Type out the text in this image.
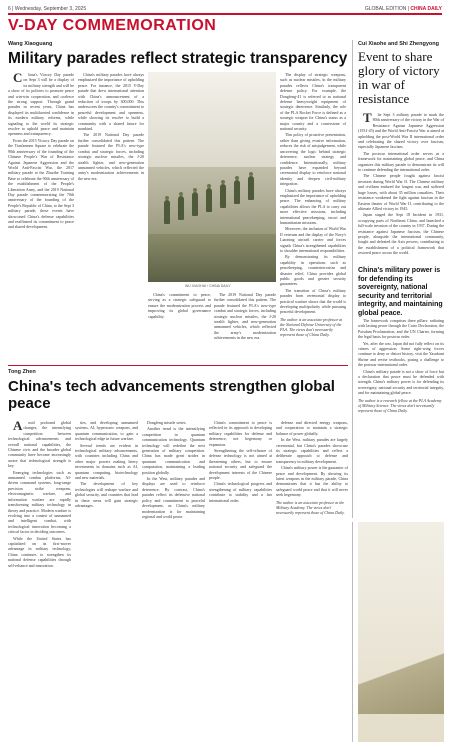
6 | Wednesday, September 3, 2025	GLOBAL EDITION | CHINA DAILY
V-DAY COMMEMORATION
Wang Xiaoguang
Military parades reflect strategic transparency

China's Victory Day parade on Sept 3 will be a display of its military strength and will be a show of its policies to promote peace and win-win cooperation, and coalesce the strong support. Through grand parades in recent years, China has displayed its multifaceted confidence in its modern military reforms, while signaling to the world its strategic resolve to uphold peace and maintain openness and transparency.

From the 2015 Victory Day parade on the Tian'anmen Square to celebrate the 90th anniversary of the founding of the Chinese People's War of Resistance Against Japanese Aggression and the World Anti-Fascist War, the 2017 military parade at the Zhurihe Training Base to celebrate the 90th anniversary of the establishment of the People's Liberation Army, and the 2019 National Day parade commemorating the 70th anniversary of the founding of the People's Republic of China, to the Sept 3 military parade, these events have showcased China's defense capabilities and reaffirmed its commitment to peace and shared development.

China's military parades have always emphasized the importance of upholding peace. For instance, the 2015 V-Day parade that drew international attention with China's announcement of a reduction of troops by 300,000. This underscores the country's commitment to peaceful development and openness, while showing its resolve to build a community with a shared future for mankind.

The 2019 National Day parade further consolidated this pattern. The parade featured the PLA's new-type combat and strategic forces, including strategic nuclear missiles, the J-20 stealth fighter, and new-generation unmanned vehicles, which reflected the army's modernization achievements in the new era.

WU XIAOHUI / CHINA DAILY

China's commitment to peace, serving as a strategic safeguard to ensure the modernization process and improving its global governance capability.

The display of strategic weapons, such as nuclear missiles, in the military parades reflects China's transparent defense policy. For example, the Dongfeng-41 is referred to as national defense heavyweight equipment of strategic deterrence. Similarly, the role of the PLA Rocket Force is defined as a strategic weapon for China's status as a major country and a cornerstone of national security.

This policy of proactive presentation, rather than giving evasive information, reduces the risk of misjudgement, while uncovering the logic behind strategic deterrence, nuclear strategy and confidence. Internationally, military parades have expanded beyond ceremonial display to reinforce national identity and deepen civil-military integration.

China's military parades have always emphasized the importance of upholding peace. The enhancing of military capabilities allows the PLA to carry out more effective missions, including international peacekeeping, escort and humanitarian missions.

Moreover, the inclusion of World War II veterans and the display of the Navy's Liaoning aircraft carrier and forces signals China's strengthened capabilities to shoulder international responsibilities.

By demonstrating its military capability in operations such as peacekeeping, counterterrorism and disaster relief, China provides global public goods and greater security guarantees.

The transition of China's military parades from ceremonial display to practical warfare shows that the world is developing multipolarity while pursuing peaceful development.

The author is an associate professor at the National Defense University of the PLA. The views don't necessarily represent those of China Daily.

The 2019 National Day parade further consolidated this pattern. The parade featured the PLA's new-type combat and strategic forces, including strategic nuclear missiles, the J-20 stealth fighter, and new-generation unmanned vehicles, which reflected the army's modernization achievements in the new era.

Cui Xiaohe and Shi Zhengyong
Event to share glory of victory in war of resistance

The Sept 3 military parade to mark the 80th anniversary of the victory in the War of Resistance Against Japanese Aggression (1931-45) and the World Anti-Fascist War is aimed at upholding the post-World War II international order and celebrating the shared victory over fascism, especially Japanese fascism.

The postwar international order serves as a framework for maintaining global peace, and China organizes this military parade to demonstrate its will to continue defending the international order.

The Chinese people fought against fascist invasion during World War II. The Chinese military and civilians endured the longest war, and suffered huge losses, with about 35 million casualties. Their resistance weakened the fight against fascism in the Eastern theater of World War II, contributing to the ultimate Allied victory in 1945.

Japan staged the Sept 18 Incident in 1931, occupying parts of Northeast China, and launched a full-scale invasion of the country in 1937. During the resistance against Japanese fascism, the Chinese people, alongside the international community, fought and defeated the Axis powers, contributing to the establishment of a political framework that restored peace across the world.

China's military power is for defending its sovereignty, national security and territorial integrity, and maintaining global peace.

The framework comprises three pillars: radiating with lasting peace through the Cairo Declaration, the Potsdam Proclamation, and the UN Charter, forming the legal basis for postwar order.

Yet, after the war, Japan did not fully reflect on its crimes of aggression. Some right-wing forces continue to deny or distort history, visit the Yasukuni Shrine and revise textbooks, posing a challenge to the postwar international order.

China's military parade is not a show of force but a declaration that peace must be defended with strength. China's military power is for defending its sovereignty, national security and territorial integrity, and for maintaining global peace.

The author is a research fellow at the PLA Academy of Military Science. The views don't necessarily represent those of China Daily.
Tong Zhen
China's tech advancements strengthen global peace

Amid profound global changes, the intensifying competition between technological advancements and overall national capabilities, the Chinese civic and the broader global community have become increasingly aware that technological strength is key.

Emerging technologies such as unmanned combat platforms, AI-driven command systems, long-range precision strike weapons, electromagnetic warfare, and information warfare are rapidly transforming military technology in theory and practice. Modern warfare is evolving into a contest of unmanned and intelligent combat, with technological innovation becoming a critical factor in deciding outcomes.

While the United States has capitalized on its first-mover advantage in military technology, China continues to strengthen its national defense capabilities through self-reliance and innovation.

ties, and developing unmanned systems, AI, hypersonic weapons, and quantum communication, to gain a technological edge in future warfare.

Several trends are evident in technological military advancements, with countries including China and other major powers making heavy investments in domains such as AI, quantum computing, biotechnology and new materials.

The development of key technologies will reshape warfare and global security, and countries that lead in these areas will gain strategic advantages.

Dongfeng missile series.

Another trend is the intensifying competition in quantum communication technology. Quantum technology will redefine the next generation of military competition. China has made great strides in quantum communication and computation, maintaining a leading position globally.

In the West, military parades and displays are used to reinforce deterrence. By contrast, China's parades reflect its defensive national policy and commitment to peaceful development, as China's military modernization is for maintaining regional and world peace.

China's commitment to peace is reflected in its approach to developing military capabilities for defense and deterrence, not hegemony or expansion.

Strengthening the self-reliance of defense technology is not aimed at threatening others, but to ensure national security and safeguard the development interests of the Chinese people.

China's technological progress and strengthening of military capabilities contribute to stability and a fair international order.

defense and directed energy weapons, and cooperation to maintain a strategic balance of power globally.

In the West, military parades are largely ceremonial, but China's parades showcase its strategic capabilities and reflect a deliberate approach to defense and transparency in military development.

China's military power is the guarantor of peace and development. By showing its latest weapons in the military parade, China demonstrates that it has the ability to safeguard world peace and that it will never seek hegemony.

The author is an associate professor at the Military Academy. The views don't necessarily represent those of China Daily.
